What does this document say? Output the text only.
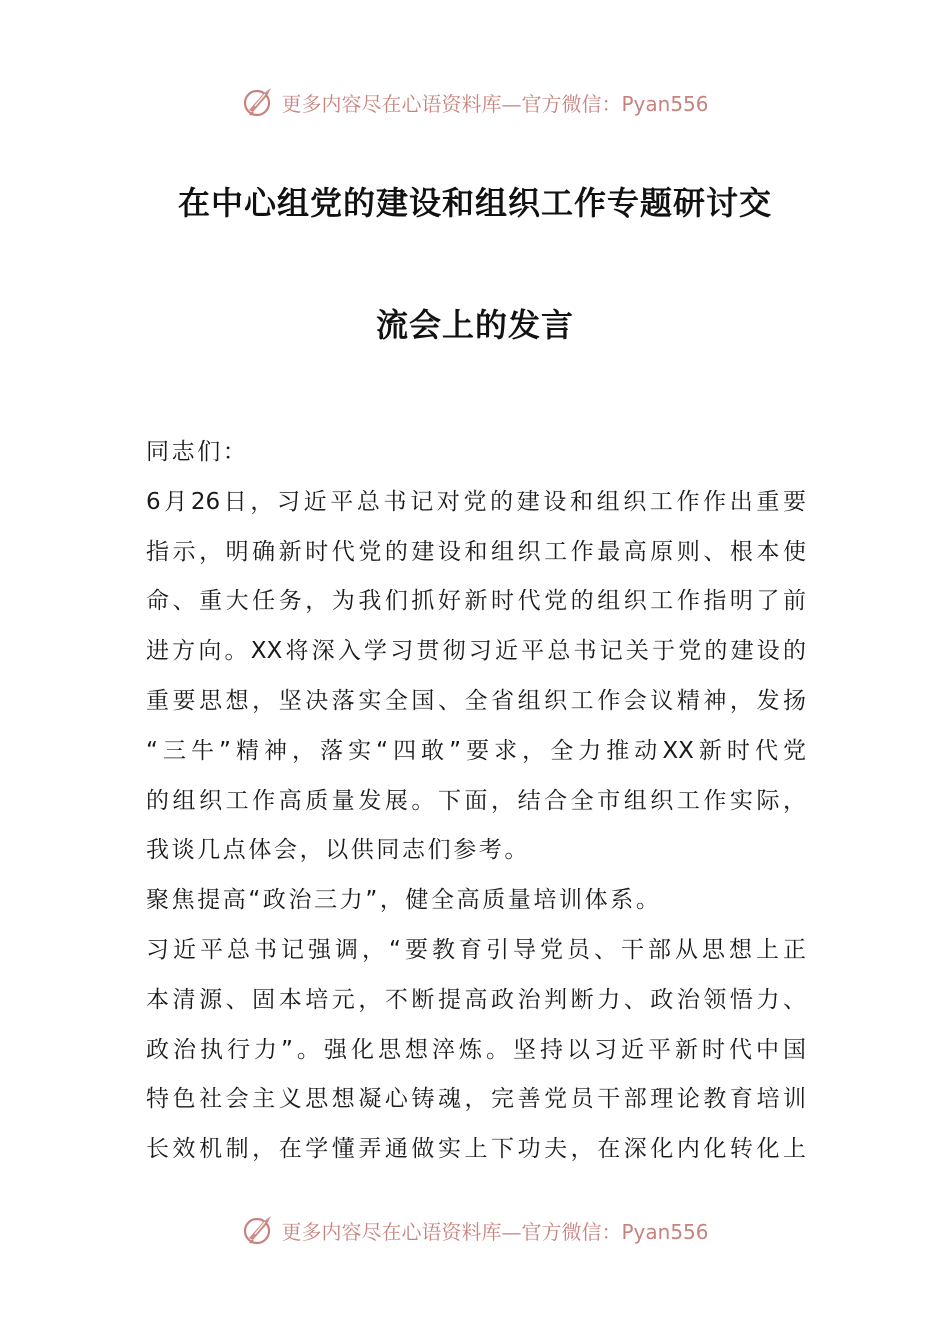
更多内容尽在心语资料库—官方微信：Pyan556
在中心组党的建设和组织工作专题研讨交
流会上的发言
同志们：
6月26日，习近平总书记对党的建设和组织工作作出重要
指示，明确新时代党的建设和组织工作最高原则、根本使
命、重大任务，为我们抓好新时代党的组织工作指明了前
进方向。XX将深入学习贯彻习近平总书记关于党的建设的
重要思想，坚决落实全国、全省组织工作会议精神，发扬
“三牛”精神，落实“四敢”要求，全力推动XX新时代党
的组织工作高质量发展。下面，结合全市组织工作实际，
我谈几点体会，以供同志们参考。
聚焦提高“政治三力”，健全高质量培训体系。
习近平总书记强调，“要教育引导党员、干部从思想上正
本清源、固本培元，不断提高政治判断力、政治领悟力、
政治执行力”。强化思想淬炼。坚持以习近平新时代中国
特色社会主义思想凝心铸魂，完善党员干部理论教育培训
长效机制，在学懂弄通做实上下功夫，在深化内化转化上
更多内容尽在心语资料库—官方微信：Pyan556
